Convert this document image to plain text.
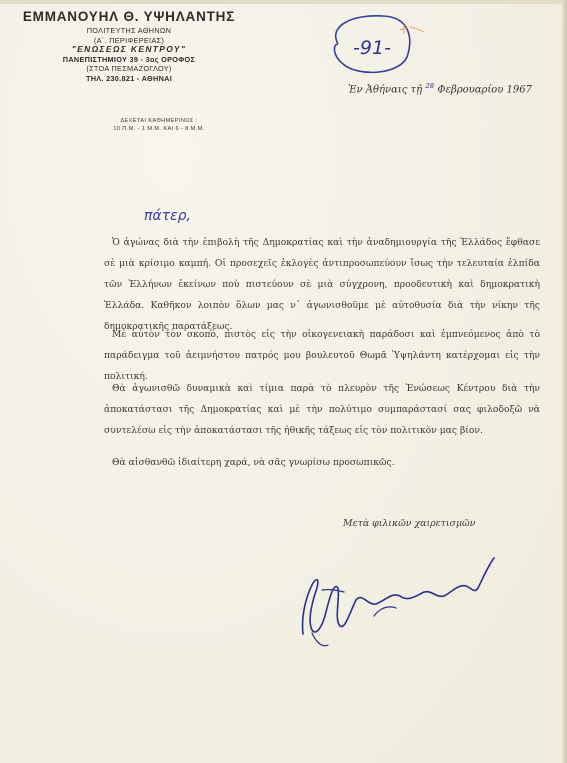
ΕΜΜΑΝΟΥΗΛ Θ. ΥΨΗΛΑΝΤΗΣ
ΠΟΛΙΤΕΥΤΗΣ ΑΘΗΝΩΝ
(Α΄. ΠΕΡΙΦΕΡΕΙΑΣ)
"ΕΝΩΣΕΩΣ ΚΕΝΤΡΟΥ"
ΠΑΝΕΠΙΣΤΗΜΙΟΥ 39 - 3ος ΟΡΟΦΟΣ
(ΣΤΟΑ ΠΕΣΜΑΖΟΓΛΟΥ)
ΤΗΛ. 230.821 - ΑΘΗΝΑΙ
ΔΕΧΕΤΑΙ ΚΑΘΗΜΕΡΙΝΩΣ :
10 Π.Μ. - 1 Μ.Μ. ΚΑΙ 6 - 8 Μ.Μ.
-91-
Ἐν Ἀθήναις τῇ $^{28}$ Φεβρουαρίου 1967
πάτερ,
Ὁ ἀγώνας διὰ τὴν ἐπιβολὴ τῆς Δημοκρατίας καὶ τὴν ἀναδημιουργία τῆς Ἑλλάδος ἔφθασε σὲ μιὰ κρίσιμο καμπή. Οἱ προσεχεῖς ἐκλογὲς ἀντιπροσωπεύουν ἴσως τὴν τελευταία ἐλπίδα τῶν Ἑλλήνων ἐκείνων ποὺ πιστεύουν σὲ μιὰ σύγχρονη, προοδευτικὴ καὶ δημοκρατικὴ Ἑλλάδα. Καθῆκον λοιπὸν ὅλων μας ν᾽ ἀγωνισθοῦμε μὲ αὐτοθυσία διὰ τὴν νίκην τῆς δημοκρατικῆς παρατάξεως.
Μὲ αὐτὸν τὸν σκοπό, πιστὸς εἰς τὴν οἰκογενειακὴ παράδοσι καὶ ἐμπνεόμενος ἀπὸ τὸ παράδειγμα τοῦ ἀειμνήστου πατρός μου βουλευτοῦ Θωμᾶ Ὑψηλάντη κατέρχομαι εἰς τὴν πολιτική.
Θὰ ἀγωνισθῶ δυναμικὰ καὶ τίμια παρὰ τὸ πλευρὸν τῆς Ἑνώσεως Κέντρου διὰ τὴν ἀποκατάστασι τῆς Δημοκρατίας καὶ μὲ τὴν πολύτιμο συμπαράστασί σας φιλοδοξῶ νὰ συντελέσω εἰς τὴν ἀποκατάστασι τῆς ἠθικῆς τάξεως εἰς τὸν πολιτικὸν μας βίον.
Θὰ αἰσθανθῶ ἰδιαίτερη χαρά, νὰ σᾶς γνωρίσω προσωπικῶς.
Μετὰ φιλικῶν χαιρετισμῶν
